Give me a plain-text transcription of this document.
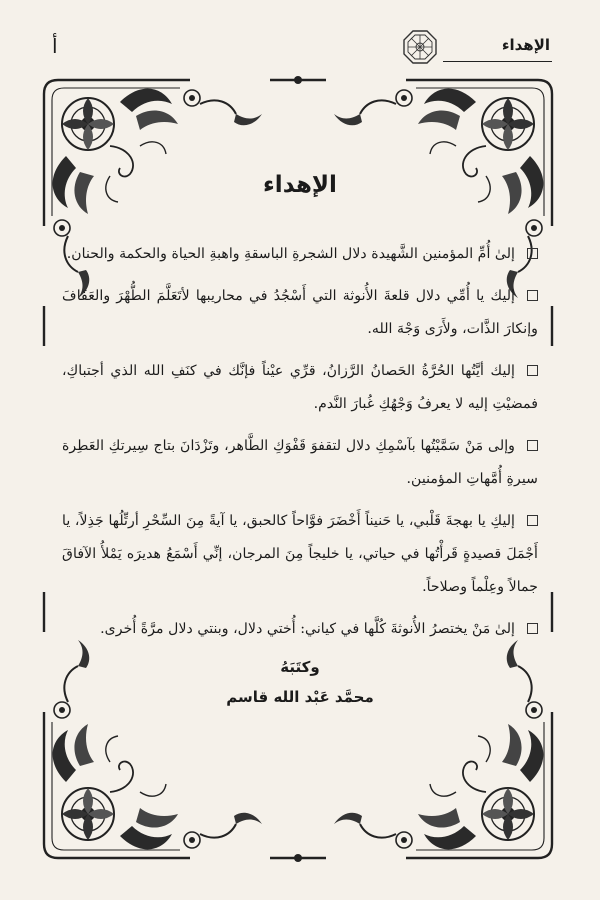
أ	الإهداء
الإهداء

إلىٰ أُمِّ المؤمنين الشَّهيدة دلال الشجرةِ الباسقةِ واهبةِ الحياة والحكمة والحنان.

إليك يا أُمِّي دلال قلعةَ الأُنوثة التي أَسْجُدُ في محاريبها لأتَعَلَّمَ الطُّهْرَ والعَفَافَ وإنكارَ الذَّات، ولأَرَى وَجْهَ الله.

إليك أيَّتُها الحُرَّةُ الحَصانُ الرَّزانُ، قرِّي عيْناً فإنَّك في كنَفِ الله الذي أجتباكِ، فمضيْتِ إليه لا يعرفُ وَجْهُكِ غُبارَ النَّدم.

وإلى مَنْ سَمَّيْتُها بآسْمِكِ دلال لتقفوَ قَفْوَكِ الطَّاهر، وتَزْدَانَ بتاج سِيرتكِ العَطِرة سيرةِ أُمَّهاتِ المؤمنين.

إليكِ يا بهجةَ قَلْبي، يا حَنيناً أَخْضَرَ فوَّاحاً كالحبق، يا آيةً مِنَ السِّحْرِ أرتِّلُها جَذِلاً، يا أَجْمَلَ قصيدةٍ قَرأْتُها في حياتي، يا خليجاً مِنَ المرجان، إنِّي أَسْمَعُ هديرَه يَمْلأُ الآفاقَ جمالاً وعِلْماً وصلاحاً.

إلىٰ مَنْ يختصرُ الأُنوثةَ كُلَّها في كياني: أُختي دلال، وبنتي دلال مرَّةً أُخرى.

وكتَبَهُ
محمَّد عَبْد الله قاسم
